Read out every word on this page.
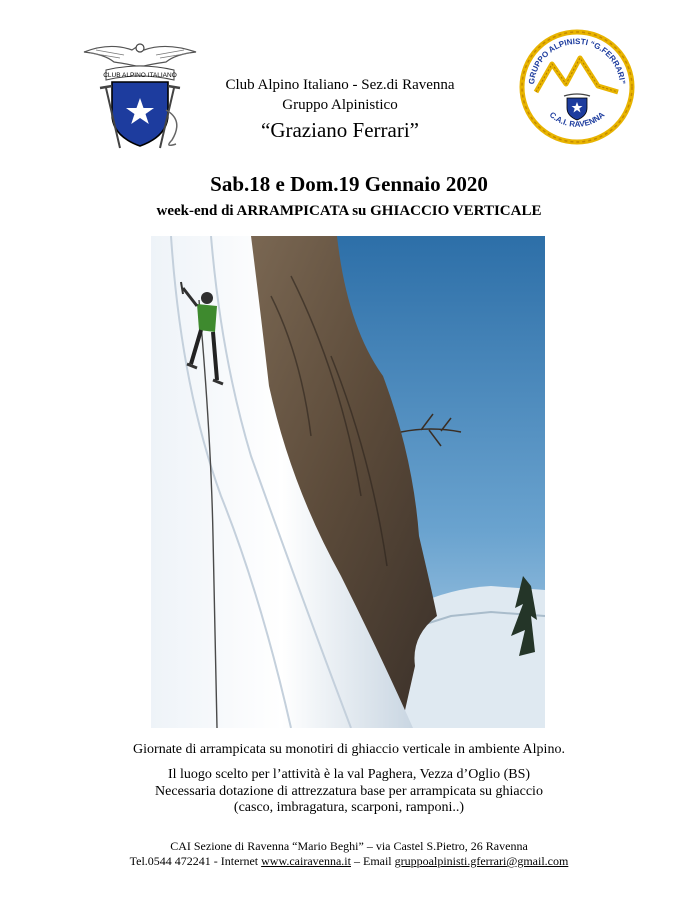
CLUB ALPINO ITALIANO
Club Alpino Italiano - Sez.di Ravenna
Gruppo Alpinistico
“Graziano Ferrari”
GRUPPO ALPINISTI “G.FERRARI”
C.A.I. RAVENNA
Sab.18 e Dom.19 Gennaio 2020
week-end di ARRAMPICATA su GHIACCIO VERTICALE
Giornate di arrampicata su monotiri di ghiaccio verticale in ambiente Alpino.
Il luogo scelto per l’attività è la val Paghera, Vezza d’Oglio (BS)
Necessaria dotazione di attrezzatura base per arrampicata su ghiaccio
(casco, imbragatura, scarponi, ramponi..)
CAI Sezione di Ravenna “Mario Beghi” – via Castel S.Pietro, 26 Ravenna
Tel.0544 472241 - Internet www.cairavenna.it – Email gruppoalpinisti.gferrari@gmail.com
